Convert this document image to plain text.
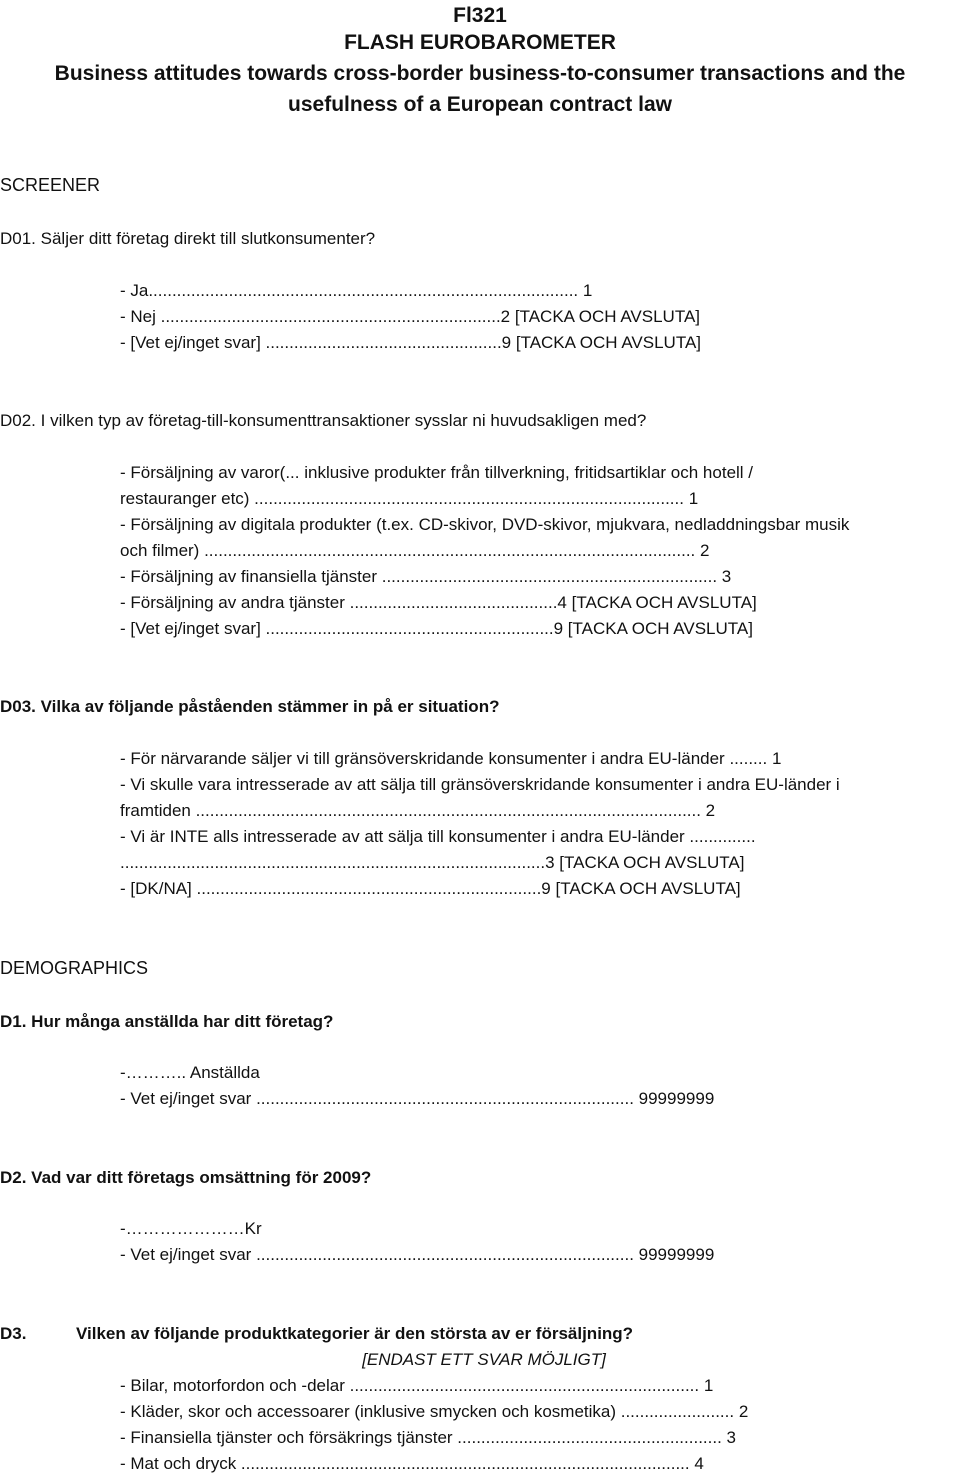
Fl321
FLASH EUROBAROMETER
Business attitudes towards cross-border business-to-consumer transactions and the
usefulness of a European contract law
SCREENER
D01. Säljer ditt företag direkt till slutkonsumenter?
- Ja........................................................................................... 1
- Nej ........................................................................2 [TACKA OCH AVSLUTA]
- [Vet ej/inget svar] ..................................................9 [TACKA OCH AVSLUTA]
D02. I vilken typ av företag-till-konsumenttransaktioner sysslar ni huvudsakligen med?
- Försäljning av varor(... inklusive produkter från tillverkning, fritidsartiklar och hotell /
restauranger etc) ........................................................................................... 1
- Försäljning av digitala produkter (t.ex. CD-skivor, DVD-skivor, mjukvara, nedladdningsbar musik
och filmer) ........................................................................................................ 2
- Försäljning av finansiella tjänster ....................................................................... 3
- Försäljning av andra tjänster ............................................4 [TACKA OCH AVSLUTA]
- [Vet ej/inget svar] .............................................................9 [TACKA OCH AVSLUTA]
D03. Vilka av följande påståenden stämmer in på er situation?
- För närvarande säljer vi till gränsöverskridande konsumenter i andra EU-länder ........ 1
- Vi skulle vara intresserade av att sälja till gränsöverskridande konsumenter i andra EU-länder i
framtiden ........................................................................................................... 2
- Vi är INTE alls intresserade av att sälja till konsumenter i andra EU-länder ..............
..........................................................................................3 [TACKA OCH AVSLUTA]
- [DK/NA] .........................................................................9 [TACKA OCH AVSLUTA]
DEMOGRAPHICS
D1. Hur många anställda har ditt företag?
-……….. Anställda
- Vet ej/inget svar ................................................................................ 99999999
D2. Vad var ditt företags omsättning för 2009?
-…………………Kr
- Vet ej/inget svar ................................................................................ 99999999
D3.	Vilken av följande produktkategorier är den största av er försäljning?
[ENDAST ETT SVAR MÖJLIGT]
- Bilar, motorfordon och -delar .......................................................................... 1
- Kläder, skor och accessoarer (inklusive smycken och kosmetika) ........................ 2
- Finansiella tjänster och försäkrings tjänster ........................................................ 3
- Mat och dryck ............................................................................................... 4
